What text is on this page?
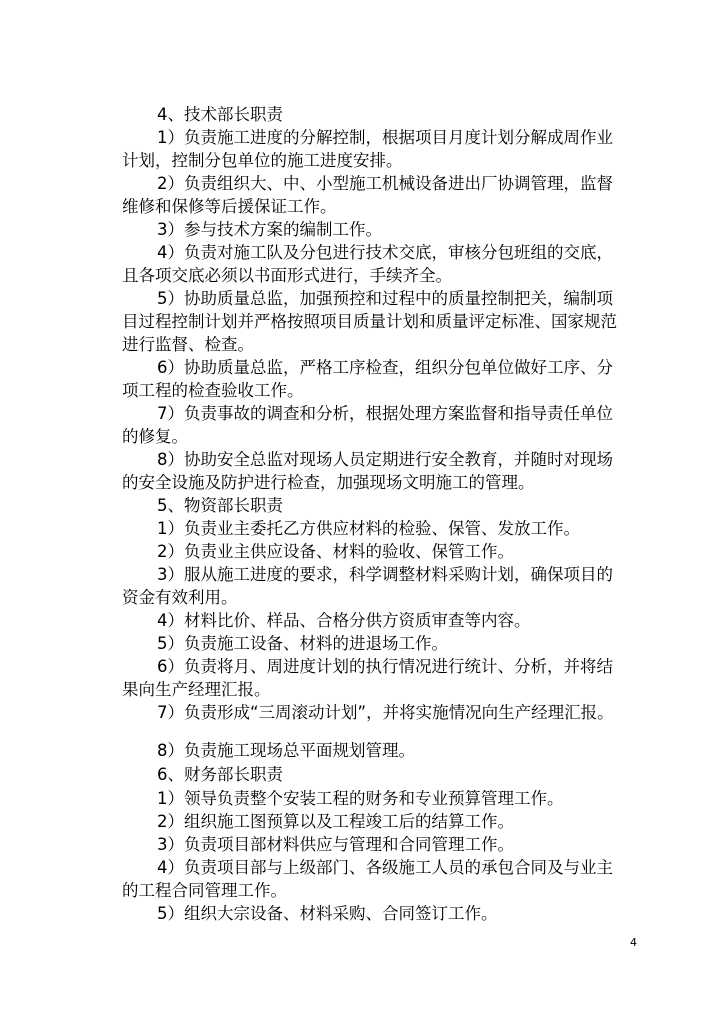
4、技术部长职责
1）负责施工进度的分解控制，根据项目月度计划分解成周作业
计划，控制分包单位的施工进度安排。
2）负责组织大、中、小型施工机械设备进出厂协调管理，监督
维修和保修等后援保证工作。
3）参与技术方案的编制工作。
4）负责对施工队及分包进行技术交底，审核分包班组的交底，
且各项交底必须以书面形式进行，手续齐全。
5）协助质量总监，加强预控和过程中的质量控制把关，编制项
目过程控制计划并严格按照项目质量计划和质量评定标准、国家规范
进行监督、检查。
6）协助质量总监，严格工序检查，组织分包单位做好工序、分
项工程的检查验收工作。
7）负责事故的调查和分析，根据处理方案监督和指导责任单位
的修复。
8）协助安全总监对现场人员定期进行安全教育，并随时对现场
的安全设施及防护进行检查，加强现场文明施工的管理。
5、物资部长职责
1）负责业主委托乙方供应材料的检验、保管、发放工作。
2）负责业主供应设备、材料的验收、保管工作。
3）服从施工进度的要求，科学调整材料采购计划，确保项目的
资金有效利用。
4）材料比价、样品、合格分供方资质审查等内容。
5）负责施工设备、材料的进退场工作。
6）负责将月、周进度计划的执行情况进行统计、分析，并将结
果向生产经理汇报。
7）负责形成“三周滚动计划”，并将实施情况向生产经理汇报。
8）负责施工现场总平面规划管理。
6、财务部长职责
1）领导负责整个安装工程的财务和专业预算管理工作。
2）组织施工图预算以及工程竣工后的结算工作。
3）负责项目部材料供应与管理和合同管理工作。
4）负责项目部与上级部门、各级施工人员的承包合同及与业主
的工程合同管理工作。
5）组织大宗设备、材料采购、合同签订工作。
4
